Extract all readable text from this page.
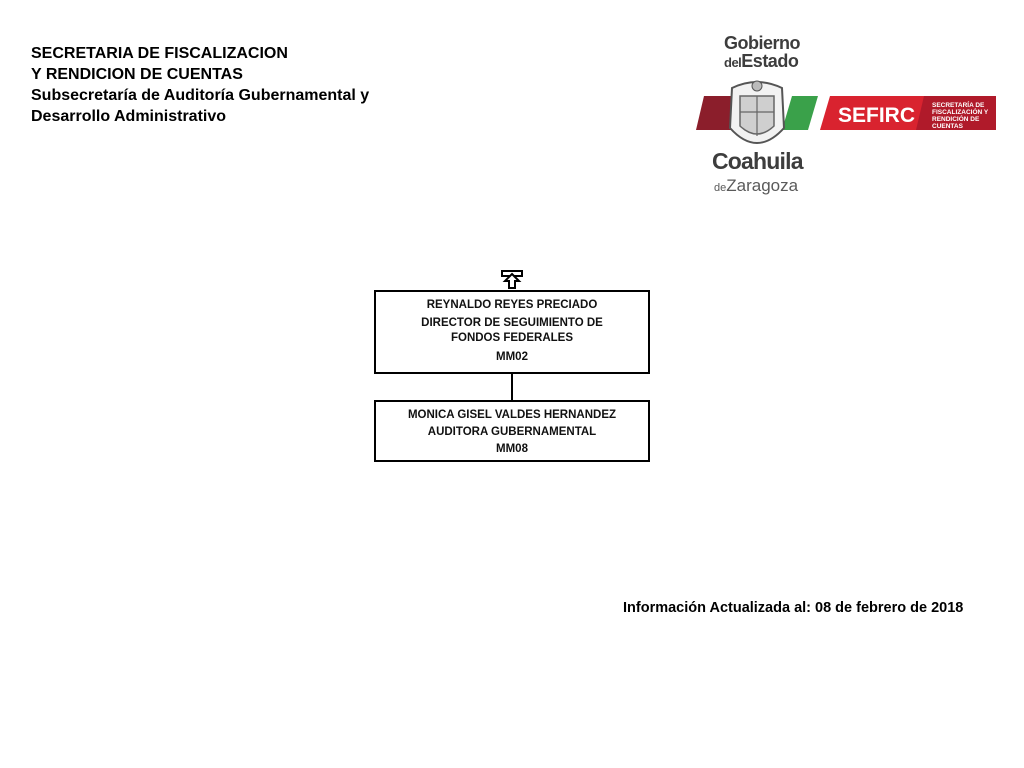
SECRETARIA DE FISCALIZACION
Y RENDICION DE CUENTAS
Subsecretaría de Auditoría Gubernamental y
Desarrollo Administrativo
Gobierno
delEstado
Coahuila
deZaragoza
SEFIRC	SECRETARÍA DE FISCALIZACIÓN Y RENDICIÓN DE CUENTAS
REYNALDO REYES PRECIADO
DIRECTOR DE SEGUIMIENTO DE FONDOS FEDERALES
MM02
MONICA GISEL VALDES HERNANDEZ
AUDITORA GUBERNAMENTAL
MM08
Información Actualizada al: 08 de febrero de 2018
